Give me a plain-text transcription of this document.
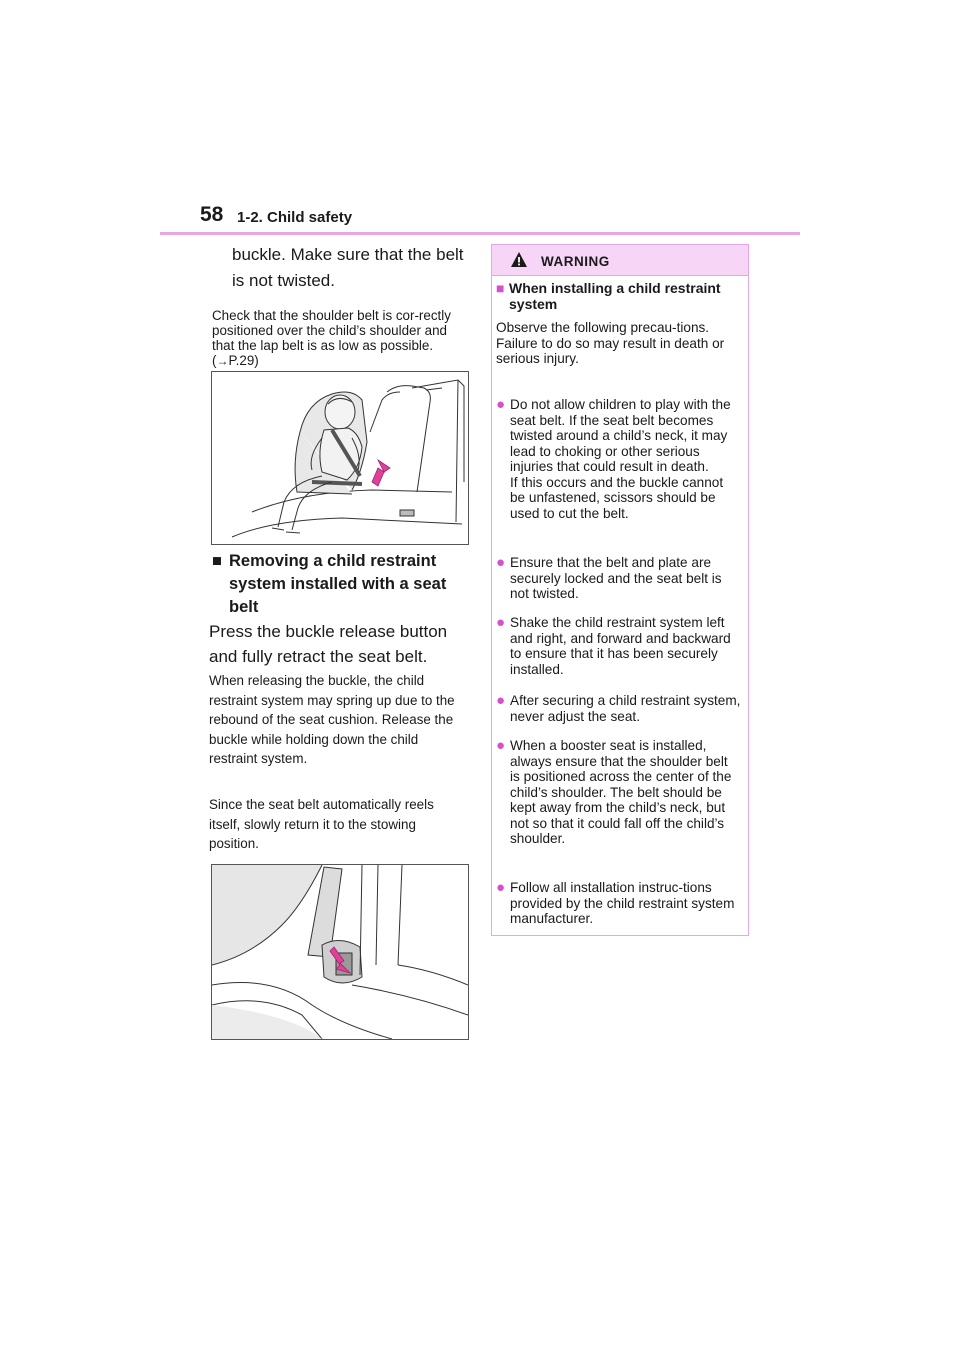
58 1-2. Child safety
buckle. Make sure that the belt is not twisted.
Check that the shoulder belt is cor-rectly positioned over the child’s shoulder and that the lap belt is as low as possible. (→P.29)
■ Removing a child restraint system installed with a seat belt
Press the buckle release button and fully retract the seat belt.
When releasing the buckle, the child restraint system may spring up due to the rebound of the seat cushion. Release the buckle while holding down the child restraint system.
Since the seat belt automatically reels itself, slowly return it to the stowing position.
WARNING
■ When installing a child restraint system
Observe the following precau-tions.
Failure to do so may result in death or serious injury.
● Do not allow children to play with the seat belt. If the seat belt becomes twisted around a child’s neck, it may lead to choking or other serious injuries that could result in death.
If this occurs and the buckle cannot be unfastened, scissors should be used to cut the belt.
● Ensure that the belt and plate are securely locked and the seat belt is not twisted.
● Shake the child restraint system left and right, and forward and backward to ensure that it has been securely installed.
● After securing a child restraint system, never adjust the seat.
● When a booster seat is installed, always ensure that the shoulder belt is positioned across the center of the child’s shoulder. The belt should be kept away from the child’s neck, but not so that it could fall off the child’s shoulder.
● Follow all installation instruc-tions provided by the child restraint system manufacturer.
